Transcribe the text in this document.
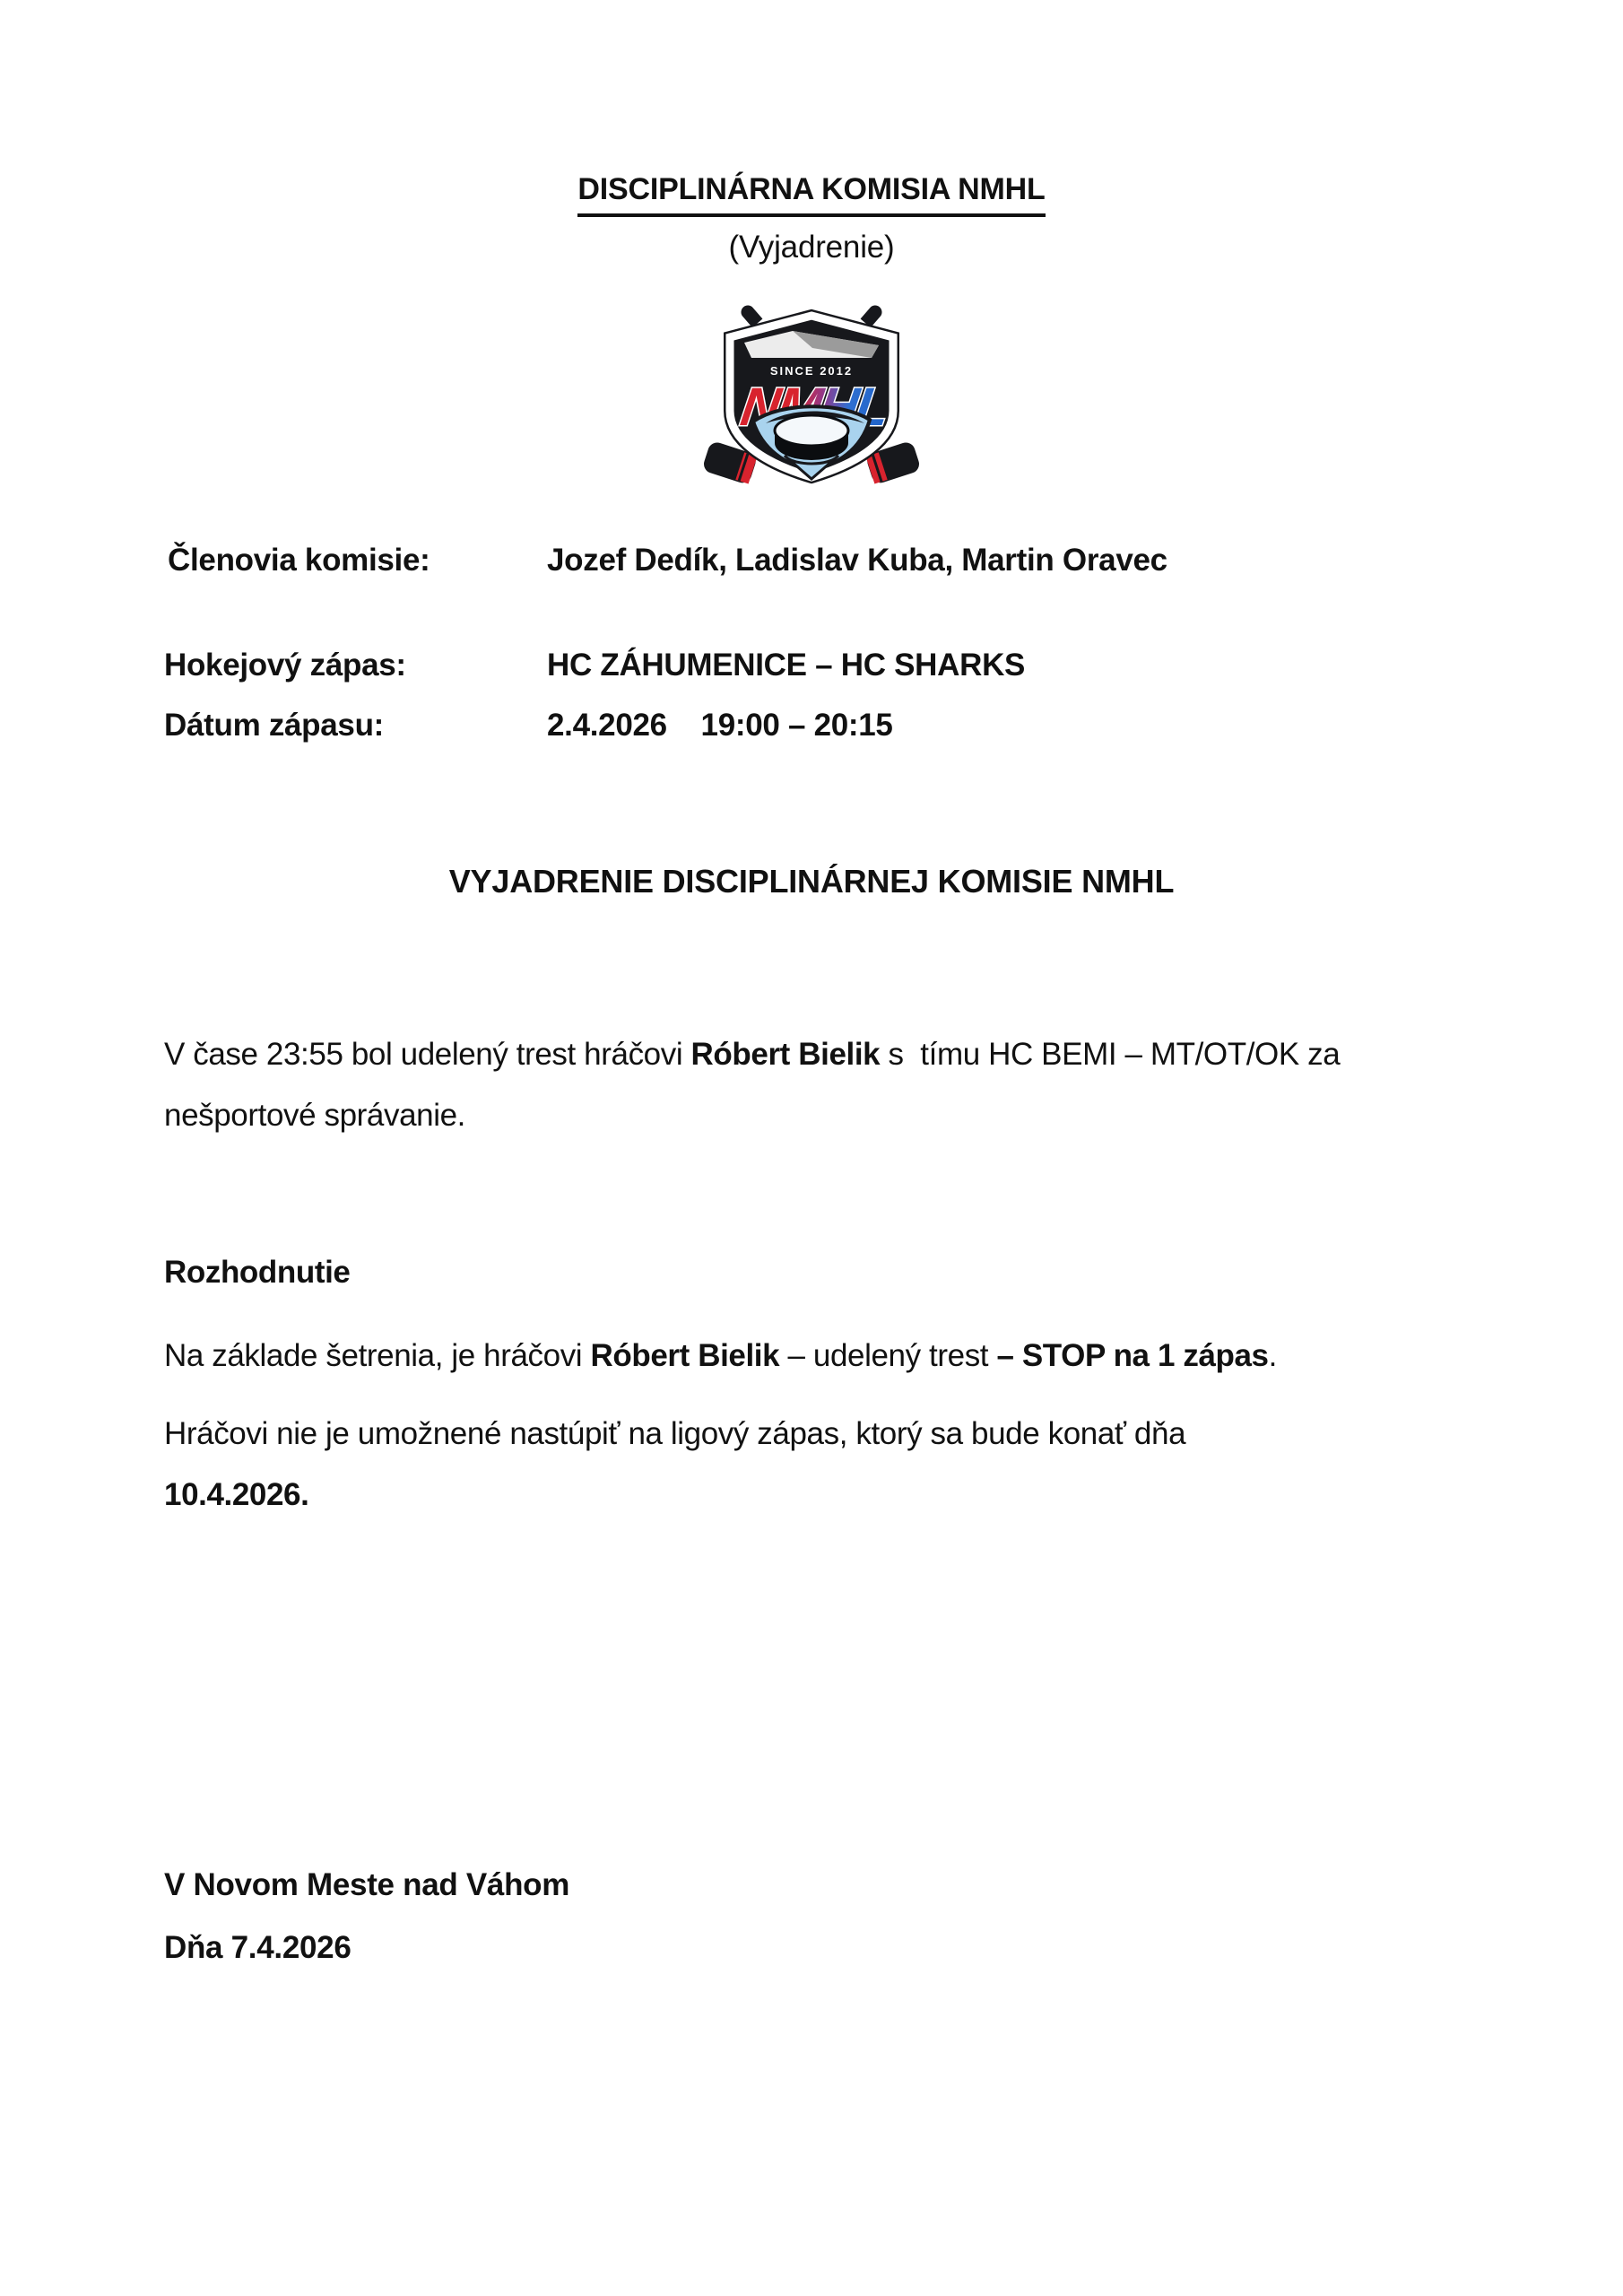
DISCIPLINÁRNA KOMISIA NMHL
(Vyjadrenie)
SINCE 2012
Členovia komisie:	Jozef Dedík, Ladislav Kuba, Martin Oravec
Hokejový zápas:	HC ZÁHUMENICE – HC SHARKS
Dátum zápasu:	2.4.2026    19:00 – 20:15
VYJADRENIE DISCIPLINÁRNEJ KOMISIE NMHL
V čase 23:55 bol udelený trest hráčovi Róbert Bielik s  tímu HC BEMI – MT/OT/OK za
nešportové správanie.
Rozhodnutie
Na základe šetrenia, je hráčovi Róbert Bielik – udelený trest – STOP na 1 zápas.
Hráčovi nie je umožnené nastúpiť na ligový zápas, ktorý sa bude konať dňa
10.4.2026.
V Novom Meste nad Váhom
Dňa 7.4.2026
